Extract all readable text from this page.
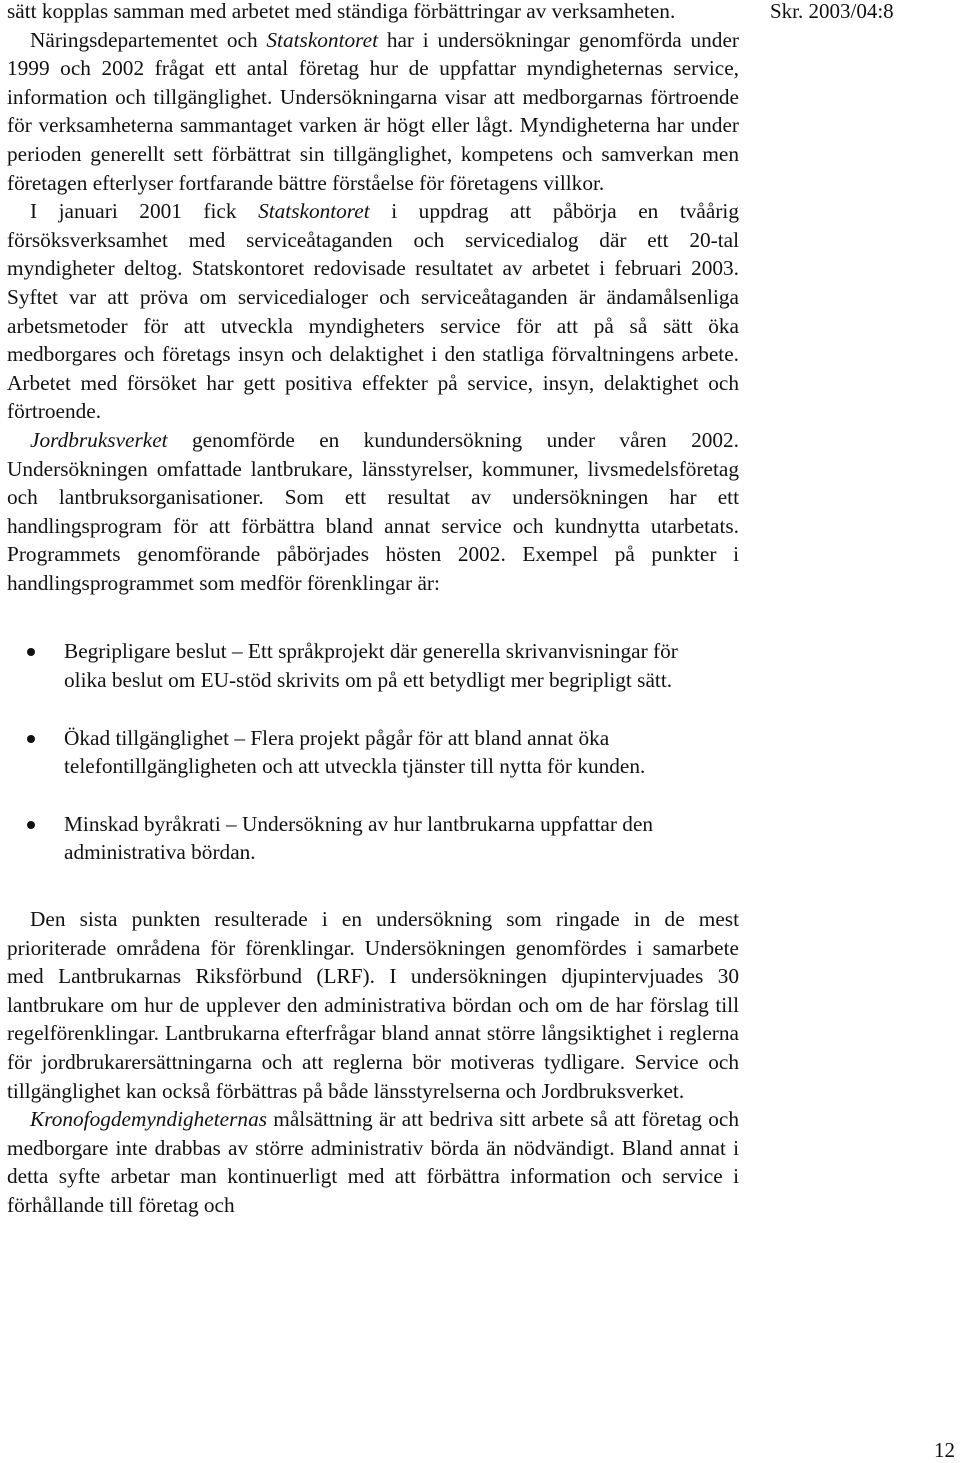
Skr. 2003/04:8

sätt kopplas samman med arbetet med ständiga förbättringar av verksamheten.

Näringsdepartementet och Statskontoret har i undersökningar genomförda under 1999 och 2002 frågat ett antal företag hur de uppfattar myndigheternas service, information och tillgänglighet. Undersökningarna visar att medborgarnas förtroende för verksamheterna sammantaget varken är högt eller lågt. Myndigheterna har under perioden generellt sett förbättrat sin tillgänglighet, kompetens och samverkan men företagen efterlyser fortfarande bättre förståelse för företagens villkor.

I januari 2001 fick Statskontoret i uppdrag att påbörja en tvåårig försöksverksamhet med serviceåtaganden och servicedialog där ett 20-tal myndigheter deltog. Statskontoret redovisade resultatet av arbetet i februari 2003. Syftet var att pröva om servicedialoger och serviceåtaganden är ändamålsenliga arbetsmetoder för att utveckla myndigheters service för att på så sätt öka medborgares och företags insyn och delaktighet i den statliga förvaltningens arbete. Arbetet med försöket har gett positiva effekter på service, insyn, delaktighet och förtroende.

Jordbruksverket genomförde en kundundersökning under våren 2002. Undersökningen omfattade lantbrukare, länsstyrelser, kommuner, livsmedelsföretag och lantbruksorganisationer. Som ett resultat av undersökningen har ett handlingsprogram för att förbättra bland annat service och kundnytta utarbetats. Programmets genomförande påbörjades hösten 2002. Exempel på punkter i handlingsprogrammet som medför förenklingar är:

Begripligare beslut – Ett språkprojekt där generella skrivanvisningar för olika beslut om EU-stöd skrivits om på ett betydligt mer begripligt sätt.
Ökad tillgänglighet – Flera projekt pågår för att bland annat öka telefontillgängligheten och att utveckla tjänster till nytta för kunden.
Minskad byråkrati – Undersökning av hur lantbrukarna uppfattar den administrativa bördan.

Den sista punkten resulterade i en undersökning som ringade in de mest prioriterade områdena för förenklingar. Undersökningen genomfördes i samarbete med Lantbrukarnas Riksförbund (LRF). I undersökningen djupintervjuades 30 lantbrukare om hur de upplever den administrativa bördan och om de har förslag till regelförenklingar. Lantbrukarna efterfrågar bland annat större långsiktighet i reglerna för jordbrukarersättningarna och att reglerna bör motiveras tydligare. Service och tillgänglighet kan också förbättras på både länsstyrelserna och Jordbruksverket.

Kronofogdemyndigheternas målsättning är att bedriva sitt arbete så att företag och medborgare inte drabbas av större administrativ börda än nödvändigt. Bland annat i detta syfte arbetar man kontinuerligt med att förbättra information och service i förhållande till företag och

12
